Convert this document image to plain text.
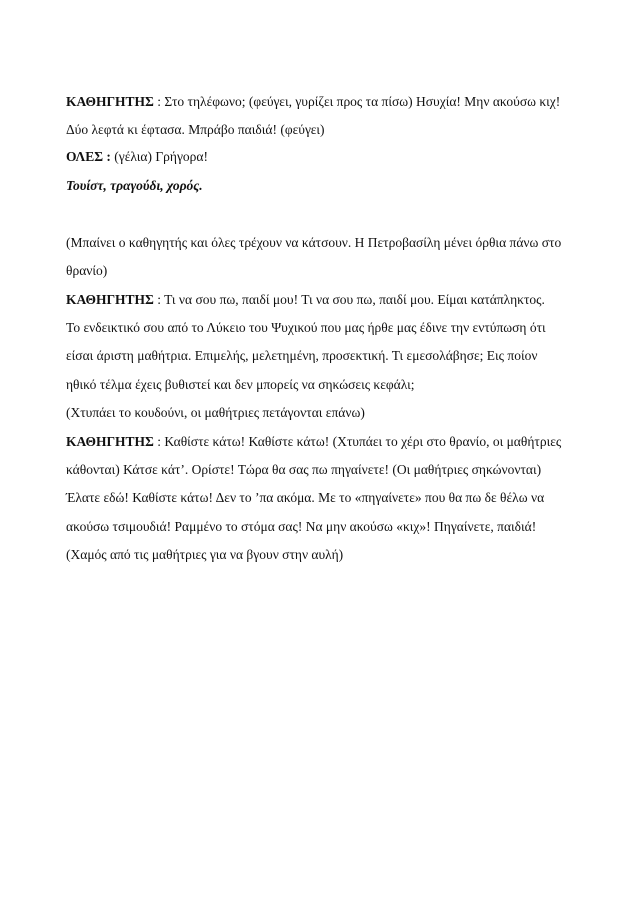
ΚΑΘΗΓΗΤΗΣ : Στο τηλέφωνο; (φεύγει, γυρίζει προς τα πίσω) Ησυχία! Μην ακούσω κιχ!
Δύο λεφτά κι έφτασα. Μπράβο παιδιά! (φεύγει)
ΟΛΕΣ : (γέλια) Γρήγορα!
Τουίστ, τραγούδι, χορός.
(Μπαίνει ο καθηγητής και όλες τρέχουν να κάτσουν. Η Πετροβασίλη μένει όρθια πάνω στο
θρανίο)
ΚΑΘΗΓΗΤΗΣ : Τι να σου πω, παιδί μου! Τι να σου πω, παιδί μου. Είμαι κατάπληκτος.
Το ενδεικτικό σου από το Λύκειο του Ψυχικού που μας ήρθε μας έδινε την εντύπωση ότι
είσαι άριστη μαθήτρια. Επιμελής, μελετημένη, προσεκτική. Τι εμεσολάβησε; Εις ποίον
ηθικό τέλμα έχεις βυθιστεί και δεν μπορείς να σηκώσεις κεφάλι;
(Χτυπάει το κουδούνι, οι μαθήτριες πετάγονται επάνω)
ΚΑΘΗΓΗΤΗΣ : Καθίστε κάτω! Καθίστε κάτω! (Χτυπάει το χέρι στο θρανίο, οι μαθήτριες
κάθονται) Κάτσε κάτ’. Ορίστε! Τώρα θα σας πω πηγαίνετε! (Οι μαθήτριες σηκώνονται)
Έλατε εδώ! Καθίστε κάτω! Δεν το ’πα ακόμα. Με το «πηγαίνετε» που θα πω δε θέλω να
ακούσω τσιμουδιά! Ραμμένο το στόμα σας! Να μην ακούσω «κιχ»! Πηγαίνετε, παιδιά!
(Χαμός από τις μαθήτριες για να βγουν στην αυλή)
